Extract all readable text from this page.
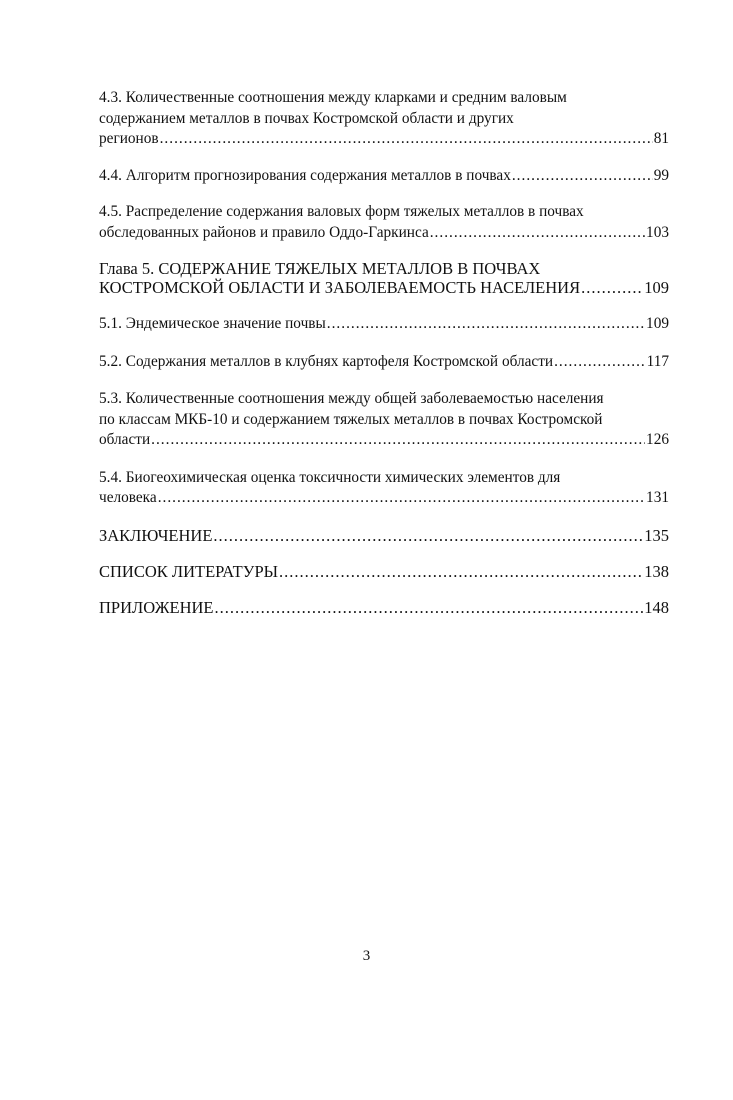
4.3. Количественные соотношения между кларками и средним валовым
содержанием металлов в почвах Костромской области и других
регионов .....	81
4.4. Алгоритм прогнозирования содержания металлов в почвах .....	99
4.5. Распределение содержания валовых форм тяжелых металлов в почвах
обследованных районов и правило Оддо-Гаркинса .....	103
Глава 5. СОДЕРЖАНИЕ ТЯЖЕЛЫХ МЕТАЛЛОВ В ПОЧВАХ
КОСТРОМСКОЙ ОБЛАСТИ И ЗАБОЛЕВАЕМОСТЬ НАСЕЛЕНИЯ .....	109
5.1. Эндемическое значение почвы .....	109
5.2. Содержания металлов в клубнях картофеля Костромской области .....	117
5.3. Количественные соотношения между общей заболеваемостью населения
по классам МКБ-10 и содержанием тяжелых металлов в почвах Костромской
области .....	126
5.4. Биогеохимическая оценка токсичности химических элементов для
человека .....	131
ЗАКЛЮЧЕНИЕ .....	135
СПИСОК ЛИТЕРАТУРЫ .....	138
ПРИЛОЖЕНИЕ .....	148
3
